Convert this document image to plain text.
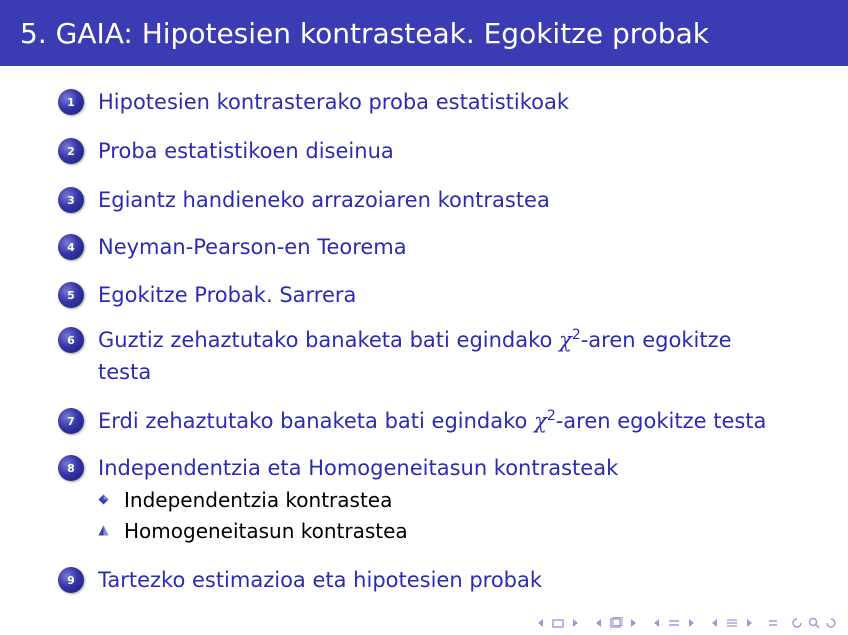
5. GAIA: Hipotesien kontrasteak. Egokitze probak
1	Hipotesien kontrasterako proba estatistikoak
2	Proba estatistikoen diseinua
3	Egiantz handieneko arrazoiaren kontrastea
4	Neyman-Pearson-en Teorema
5	Egokitze Probak. Sarrera
6	Guztiz zehaztutako banaketa bati egindako $\chi^2$-aren egokitze
testa
7	Erdi zehaztutako banaketa bati egindako $\chi^2$-aren egokitze testa
8	Independentzia eta Homogeneitasun kontrasteak
Independentzia kontrastea
Homogeneitasun kontrastea
9	Tartezko estimazioa eta hipotesien probak
